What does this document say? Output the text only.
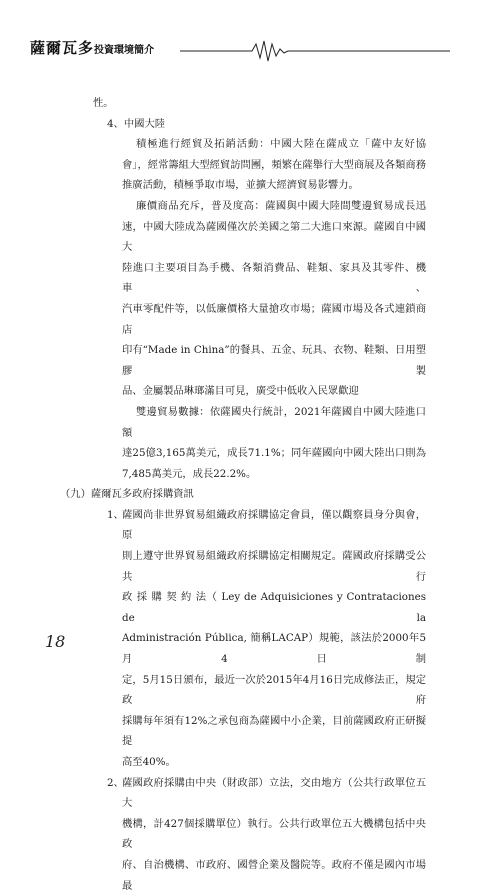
薩爾瓦多投資環境簡介
性。
4、中國大陸
積極進行經貿及拓銷活動：中國大陸在薩成立「薩中友好協
會」，經常籌組大型經貿訪問團，頻繁在薩舉行大型商展及各類商務
推廣活動，積極爭取市場，並擴大經濟貿易影響力。
廉價商品充斥，普及度高：薩國與中國大陸間雙邊貿易成長迅
速，中國大陸成為薩國僅次於美國之第二大進口來源。薩國自中國大
陸進口主要項目為手機、各類消費品、鞋類、家具及其零件、機車、
汽車零配件等，以低廉價格大量搶攻市場；薩國市場及各式連鎖商店
印有“Made in China”的餐具、五金、玩具、衣物、鞋類、日用塑膠製
品、金屬製品琳瑯滿目可見，廣受中低收入民眾歡迎
雙邊貿易數據：依薩國央行統計，2021年薩國自中國大陸進口額
達25億3,165萬美元，成長71.1%；同年薩國向中國大陸出口則為
7,485萬美元，成長22.2%。
（九）薩爾瓦多政府採購資訊
1、
薩國尚非世界貿易組織政府採購協定會員，僅以觀察員身分與會，原
則上遵守世界貿易組織政府採購協定相關規定。薩國政府採購受公共行
政 採 購 契 約 法（ Ley de Adquisiciones y Contrataciones de la
Administración Pública, 簡稱LACAP）規範，該法於2000年5月4日制
定，5月15日頒布，最近一次於2015年4月16日完成修法正，規定政府
採購每年須有12%之承包商為薩國中小企業，目前薩國政府正研擬提
高至40%。
2、
薩國政府採購由中央（財政部）立法，交由地方（公共行政單位五大
機構，計427個採購單位）執行。公共行政單位五大機構包括中央政
府、自治機構、市政府、國營企業及醫院等。政府不僅是國內市場最
18
